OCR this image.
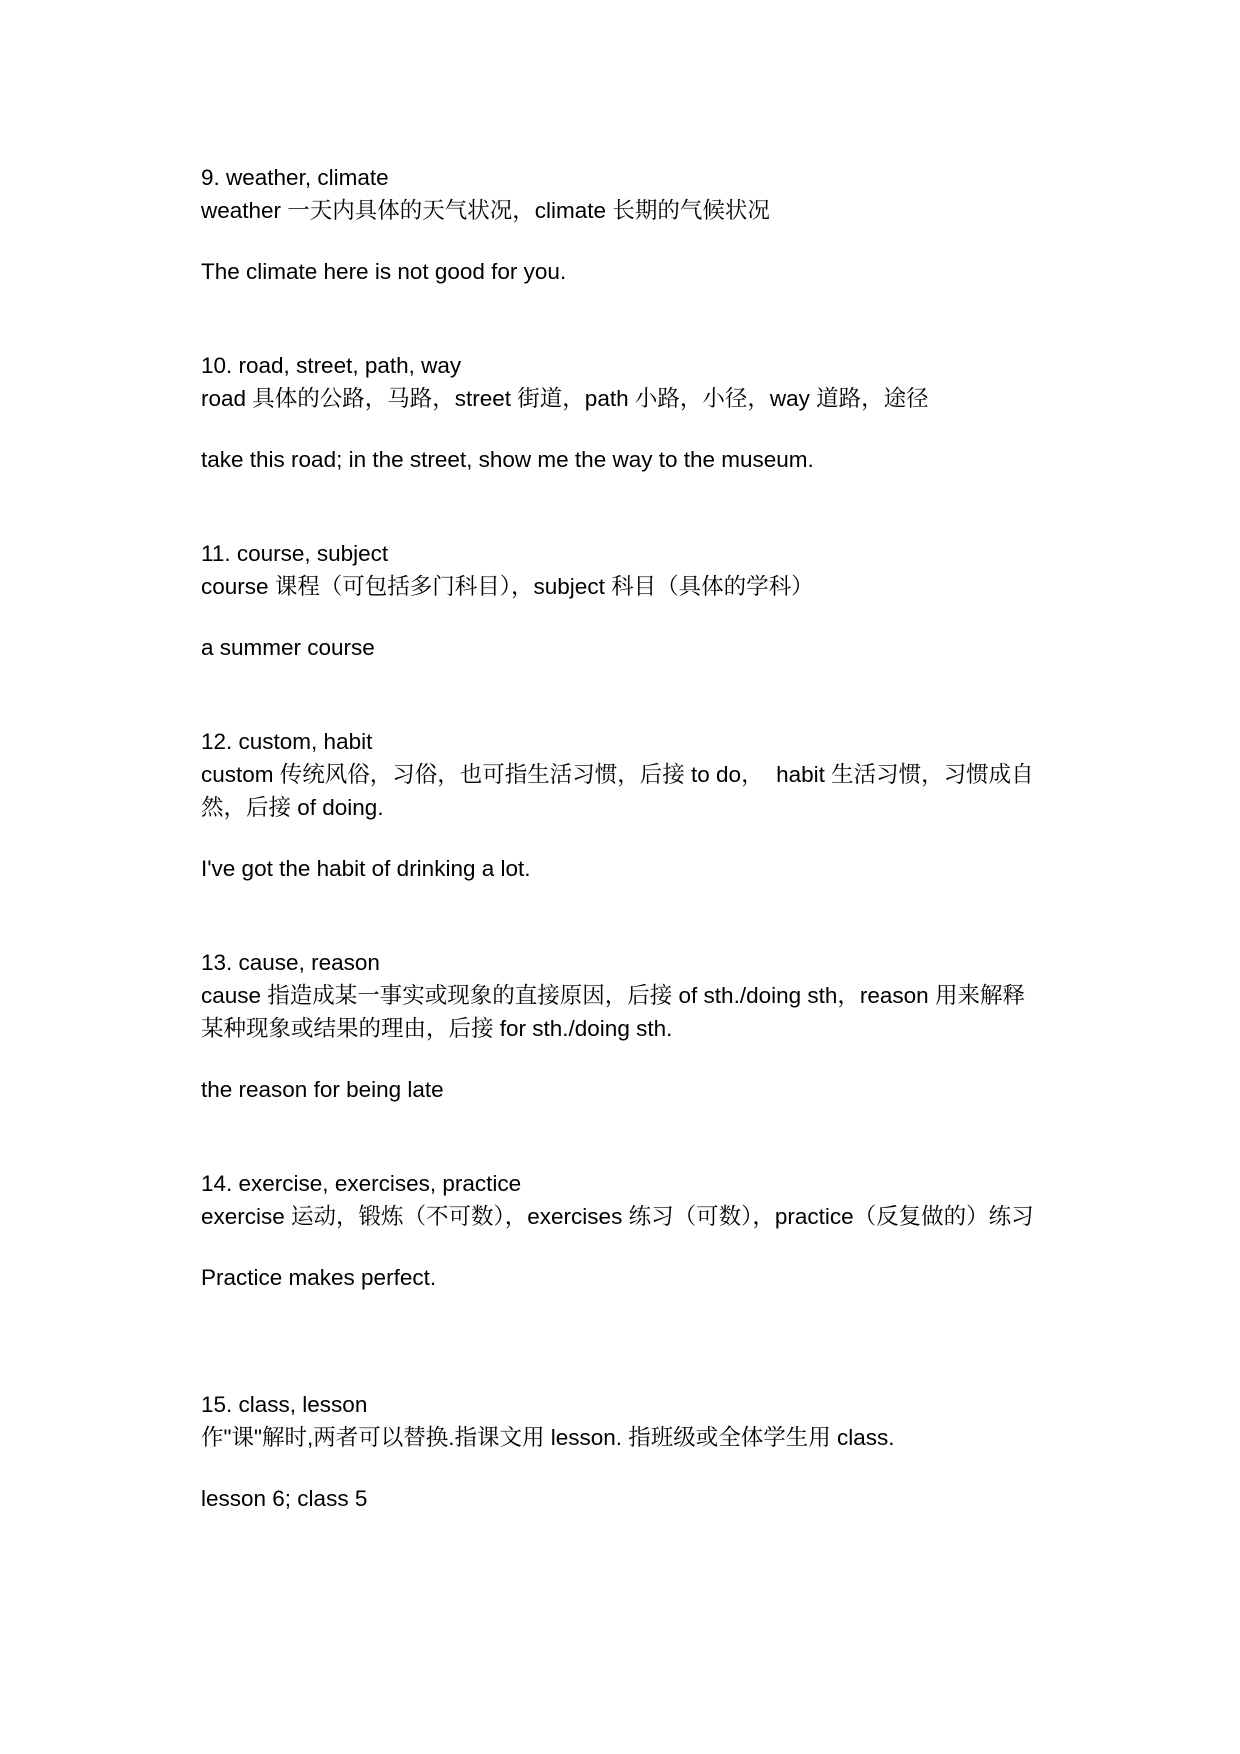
9. weather, climate

weather 一天内具体的天气状况，climate 长期的气候状况

The climate here is not good for you.

10. road, street, path, way

road 具体的公路，马路，street 街道，path 小路，小径，way 道路，途径

take this road; in the street, show me the way to the museum.

11. course, subject

course 课程（可包括多门科目），subject 科目（具体的学科）

a summer course

12. custom, habit

custom 传统风俗，习俗，也可指生活习惯，后接 to do，  habit 生活习惯，习惯成自然，后接 of doing.

I've got the habit of drinking a lot.

13. cause, reason

cause 指造成某一事实或现象的直接原因，后接 of sth./doing sth，reason 用来解释某种现象或结果的理由，后接 for sth./doing sth.

the reason for being late

14. exercise, exercises, practice

exercise 运动，锻炼（不可数），exercises 练习（可数），practice（反复做的）练习

Practice makes perfect.

15. class, lesson

作"课"解时,两者可以替换.指课文用 lesson. 指班级或全体学生用 class.

lesson 6; class 5
